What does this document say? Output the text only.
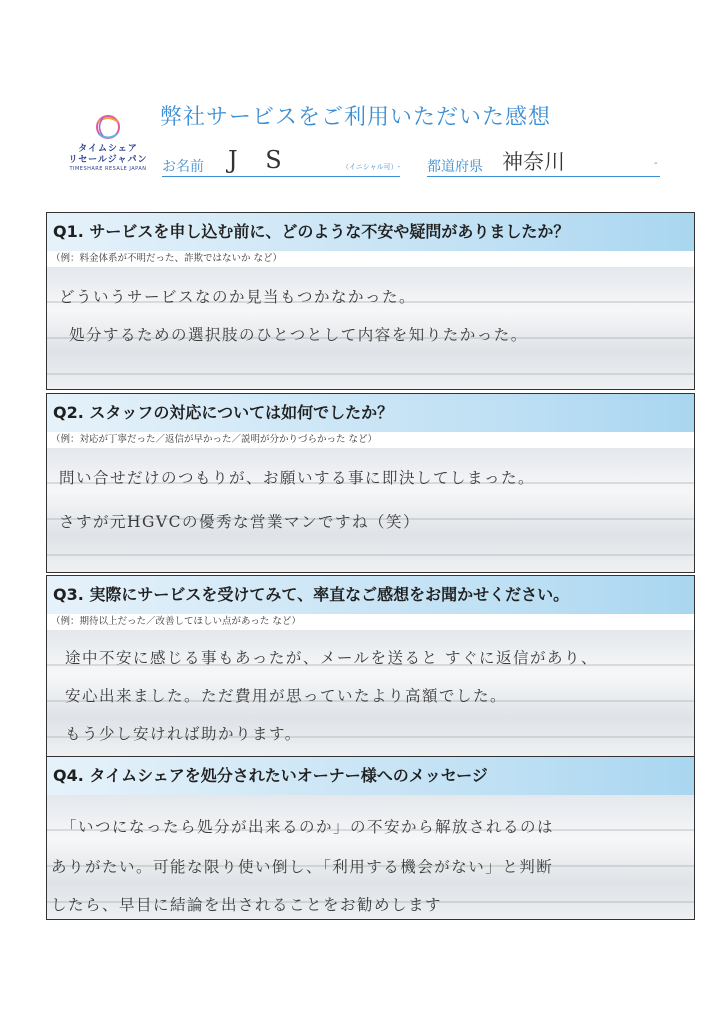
タイムシェア
リセールジャパン
TIMESHARE RESALE JAPAN
弊社サービスをご利用いただいた感想
お名前 J S	（イニシャル可）- 都道府県 神奈川	-
Q1. サービスを申し込む前に、どのような不安や疑問がありましたか？
（例：料金体系が不明だった、詐欺ではないか など）
どういうサービスなのか見当もつかなかった。
処分するための選択肢のひとつとして内容を知りたかった。
Q2. スタッフの対応については如何でしたか？
（例：対応が丁寧だった／返信が早かった／説明が分かりづらかった など）
問い合せだけのつもりが、お願いする事に即決してしまった。
さすが元HGVCの優秀な営業マンですね（笑）
Q3. 実際にサービスを受けてみて、率直なご感想をお聞かせください。
（例：期待以上だった／改善してほしい点があった など）
途中不安に感じる事もあったが、メールを送ると すぐに返信があり、
安心出来ました。ただ費用が思っていたより高額でした。
もう少し安ければ助かります。
Q4. タイムシェアを処分されたいオーナー様へのメッセージ
「いつになったら処分が出来るのか」の不安から解放されるのは
ありがたい。可能な限り使い倒し、「利用する機会がない」と判断
したら、早目に結論を出されることをお勧めします
